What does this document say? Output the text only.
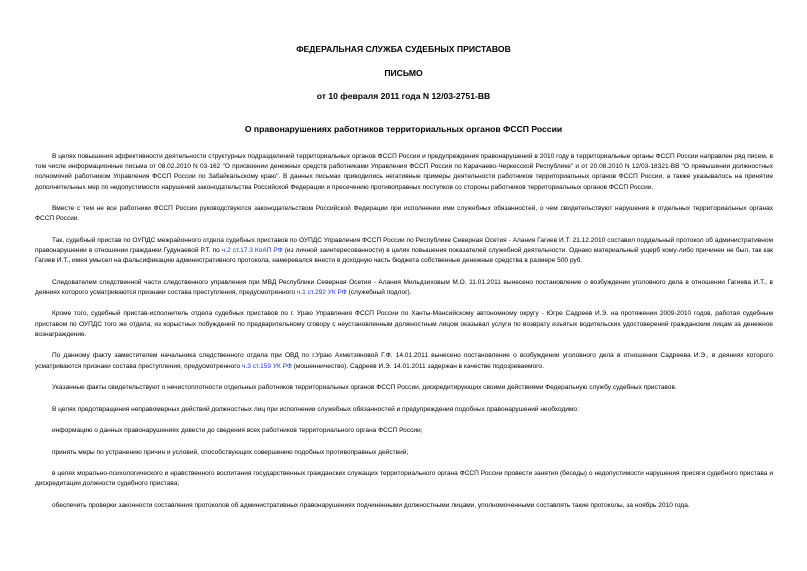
ФЕДЕРАЛЬНАЯ СЛУЖБА СУДЕБНЫХ ПРИСТАВОВ
ПИСЬМО
от 10 февраля 2011 года N 12/03-2751-ВВ
О правонарушениях работников территориальных органов ФССП России

В целях повышения эффективности деятельности структурных подразделений территориальных органов ФССП России и предупреждения правонарушений в 2010 году в территориальные органы ФССП России направлен ряд писем, в том числе информационные письма от 08.02.2010 N 03-162 "О присвоении денежных средств работниками Управления ФССП России по Карачаево-Черкесской Республике" и от 20.08.2010 N 12/03-18321-ВВ "О превышении должностных полномочий работником Управления ФССП России по Забайкальскому краю". В данных письмах приводились негативные примеры деятельности работников территориальных органов ФССП России, а также указывалось на принятие дополнительных мер по недопустимости нарушений законодательства Российской Федерации и пресечению противоправных поступков со стороны работников территориальных органов ФССП России.

Вместе с тем не все работники ФССП России руководствуются законодательством Российской Федерации при исполнении ими служебных обязанностей, о чем свидетельствуют нарушения в отдельных территориальных органах ФССП России.

Так, судебный пристав по ОУПДС межрайонного отдела судебных приставов по ОУПДС Управления ФССП России по Республике Северная Осетия - Алания Гагиев И.Т. 21.12.2010 составил поддельный протокол об административном правонарушении в отношении гражданки Гудунаевой Р.Т. по ч.2 ст.17.3 КоАП РФ (из личной заинтересованности) в целях повышения показателей служебной деятельности. Однако материальный ущерб кому-либо причинен не был, так как Гагиев И.Т., имея умысел на фальсификацию административного протокола, намеревался внести в доходную часть бюджета собственные денежные средства в размере 500 руб.

Следователем следственной части следственного управления при МВД Республики Северная Осетия - Алания Мильдзиховым М.О. 11.01.2011 вынесено постановление о возбуждении уголовного дела в отношении Гагиева И.Т., в деяниях которого усматриваются признаки состава преступления, предусмотренного ч.1 ст.292 УК РФ (служебный подлог).

Кроме того, судебный пристав-исполнитель отдела судебных приставов по г. Ураю Управления ФССП России по Ханты-Мансийскому автономному округу - Югре Садреев И.Э. на протяжении 2009-2010 годов, работая судебным приставом по ОУПДС того же отдела, из корыстных побуждений по предварительному сговору с неустановленным должностным лицом оказывал услуги по возврату изъятых водительских удостоверений гражданским лицам за денежное вознаграждение.

По данному факту заместителем начальника следственного отдела при ОВД по г.Ураю Ахметзяновой Г.Ф. 14.01.2011 вынесено постановление о возбуждении уголовного дела в отношении Садреева И.Э., в деяниях которого усматриваются признаки состава преступления, предусмотренного ч.3 ст.159 УК РФ (мошенничество). Садреев И.Э. 14.01.2011 задержан в качестве подозреваемого.

Указанные факты свидетельствуют о нечистоплотности отдельных работников территориальных органов ФССП России, дискредитирующих своими действиями Федеральную службу судебных приставов.

В целях предотвращения неправомерных действий должностных лиц при исполнении служебных обязанностей и предупреждения подобных правонарушений необходимо:

информацию о данных правонарушениях довести до сведения всех работников территориального органа ФССП России;

принять меры по устранению причин и условий, способствующих совершению подобных противоправных действий;

в целях морально-психологического и нравственного воспитания государственных гражданских служащих территориального органа ФССП России провести занятия (беседы) о недопустимости нарушения присяги судебного пристава и дискредитации должности судебного пристава;

обеспечить проверки законности составления протоколов об административных правонарушениях подчиненными должностными лицами, уполномоченными составлять такие протоколы, за ноябрь 2010 года.
